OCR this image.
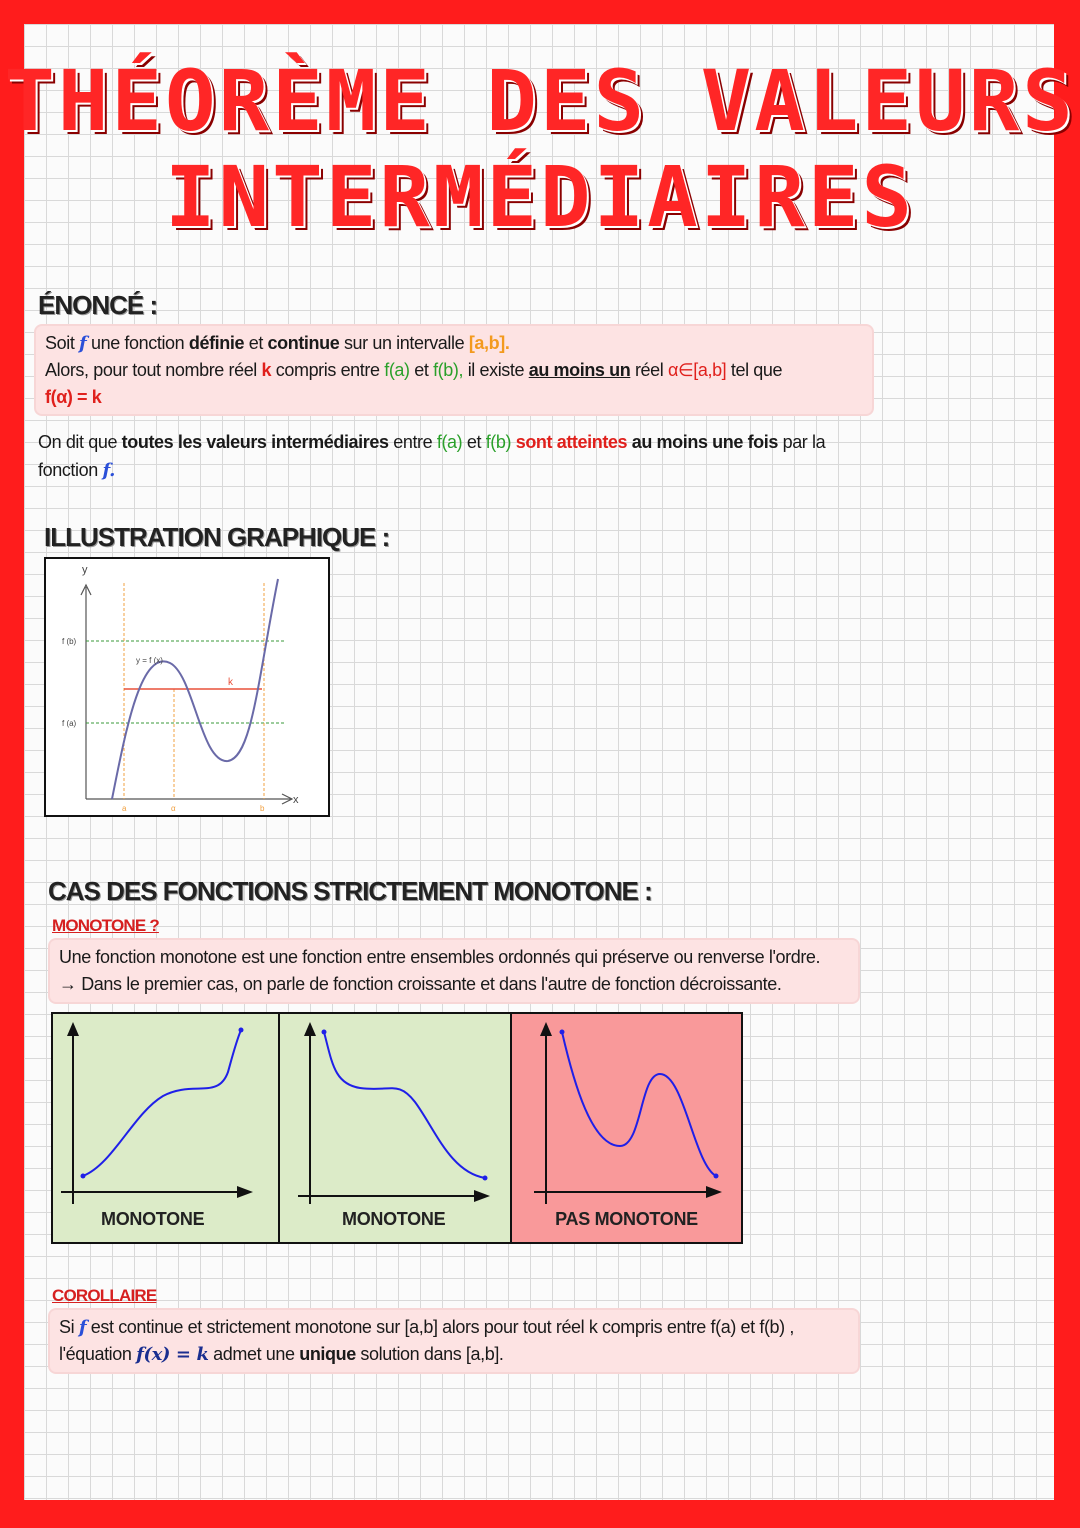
THÉORÈME DES VALEURS
INTERMÉDIAIRES
ÉNONCÉ :
Soit f une fonction définie et continue sur un intervalle [a,b].
Alors, pour tout nombre réel k compris entre f(a) et f(b), il existe au moins un réel α∈[a,b] tel que
f(α) = k
On dit que toutes les valeurs intermédiaires entre f(a) et f(b) sont atteintes au moins une fois par la
fonction f.
ILLUSTRATION GRAPHIQUE :
y
x
f (b)
f (a)
y = f (x)
k
a	α	b
CAS DES FONCTIONS STRICTEMENT MONOTONE :
MONOTONE ?
Une fonction monotone est une fonction entre ensembles ordonnés qui préserve ou renverse l'ordre.
→ Dans le premier cas, on parle de fonction croissante et dans l'autre de fonction décroissante.
MONOTONE	MONOTONE	PAS MONOTONE
COROLLAIRE
Si f est continue et strictement monotone sur [a,b] alors pour tout réel k compris entre f(a) et f(b) ,
l'équation f(x) = k admet une unique solution dans [a,b].
